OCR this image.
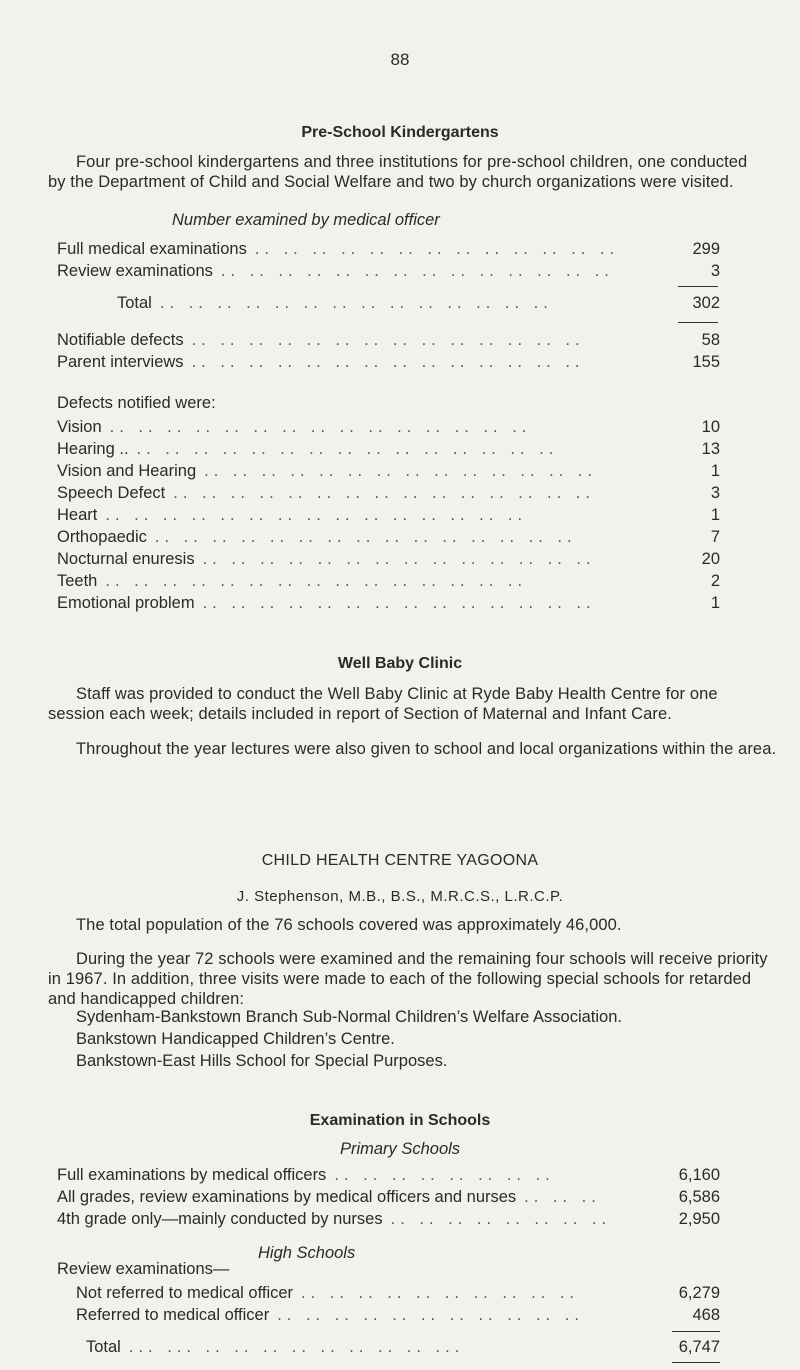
88
Pre-School Kindergartens
Four pre-school kindergartens and three institutions for pre-school children, one conducted by the Department of Child and Social Welfare and two by church organizations were visited.
Number examined by medical officer
Full medical examinations .. .. .. .. .. .. .. .. .. .. .. .. ..	299
Review examinations .. .. .. .. .. .. .. .. .. .. .. .. .. ..	3
Total .. .. .. .. .. .. .. .. .. .. .. .. .. ..	302
Notifiable defects .. .. .. .. .. .. .. .. .. .. .. .. .. ..	58
Parent interviews .. .. .. .. .. .. .. .. .. .. .. .. .. ..	155
Defects notified were:
Vision .. .. .. .. .. .. .. .. .. .. .. .. .. .. ..	10
Hearing .. .. .. .. .. .. .. .. .. .. .. .. .. .. .. ..	13
Vision and Hearing .. .. .. .. .. .. .. .. .. .. .. .. .. ..	1
Speech Defect .. .. .. .. .. .. .. .. .. .. .. .. .. .. ..	3
Heart .. .. .. .. .. .. .. .. .. .. .. .. .. .. ..	1
Orthopaedic .. .. .. .. .. .. .. .. .. .. .. .. .. .. ..	7
Nocturnal enuresis .. .. .. .. .. .. .. .. .. .. .. .. .. ..	20
Teeth .. .. .. .. .. .. .. .. .. .. .. .. .. .. ..	2
Emotional problem .. .. .. .. .. .. .. .. .. .. .. .. .. ..	1
Well Baby Clinic
Staff was provided to conduct the Well Baby Clinic at Ryde Baby Health Centre for one session each week; details included in report of Section of Maternal and Infant Care.
Throughout the year lectures were also given to school and local organizations within the area.
CHILD HEALTH CENTRE YAGOONA
J. Stephenson, M.B., B.S., M.R.C.S., L.R.C.P.
The total population of the 76 schools covered was approximately 46,000.
During the year 72 schools were examined and the remaining four schools will receive priority in 1967. In addition, three visits were made to each of the following special schools for retarded and handicapped children:
Sydenham-Bankstown Branch Sub-Normal Children’s Welfare Association.
Bankstown Handicapped Children’s Centre.
Bankstown-East Hills School for Special Purposes.
Examination in Schools
Primary Schools
Full examinations by medical officers .. .. .. .. .. .. .. ..	6,160
All grades, review examinations by medical officers and nurses .. .. ..	6,586
4th grade only—mainly conducted by nurses .. .. .. .. .. .. .. ..	2,950
High Schools
Review examinations—
Not referred to medical officer .. .. .. .. .. .. .. .. .. ..	6,279
Referred to medical officer .. .. .. .. .. .. .. .. .. .. ..	468
Total ... ... .. .. .. .. .. .. .. .. ...	6,747
